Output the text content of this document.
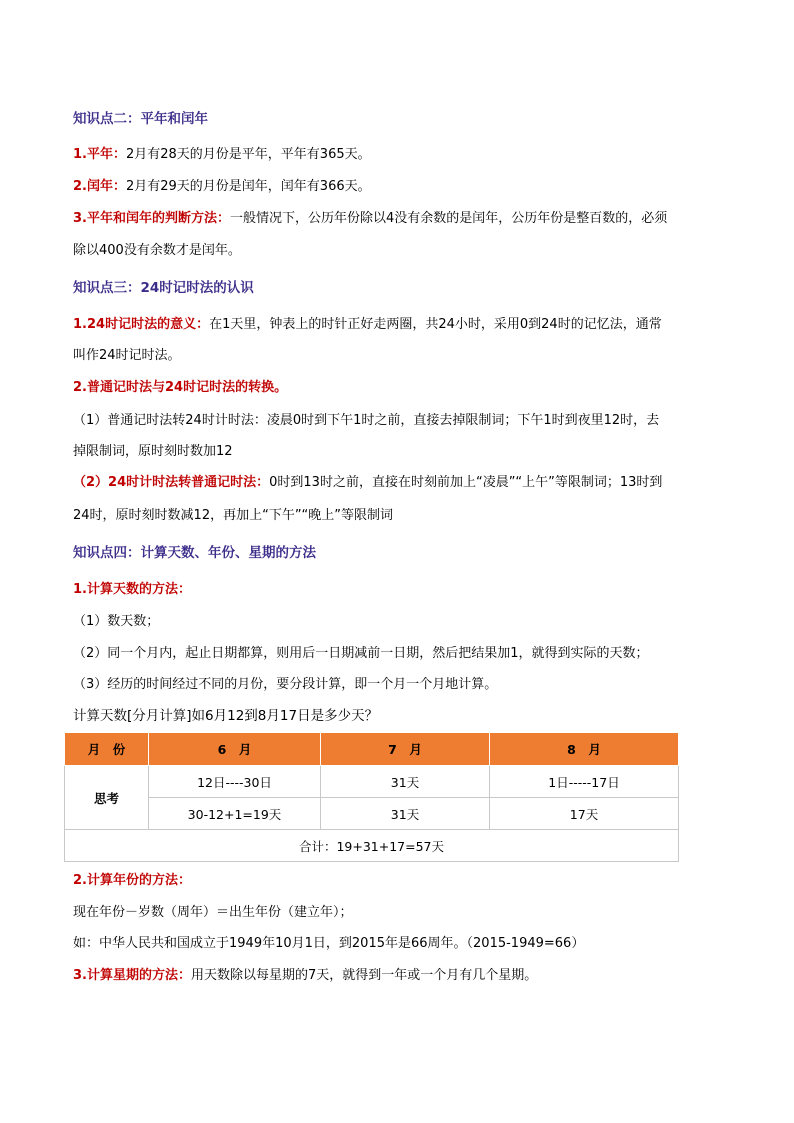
知识点二：平年和闰年
1.平年：2月有28天的月份是平年，平年有365天。
2.闰年：2月有29天的月份是闰年，闰年有366天。
3.平年和闰年的判断方法：一般情况下，公历年份除以4没有余数的是闰年，公历年份是整百数的，必须
除以400没有余数才是闰年。
知识点三：24时记时法的认识
1.24时记时法的意义：在1天里，钟表上的时针正好走两圈，共24小时，采用0到24时的记忆法，通常
叫作24时记时法。
2.普通记时法与24时记时法的转换。
（1）普通记时法转24时计时法：凌晨0时到下午1时之前，直接去掉限制词；下午1时到夜里12时，去
掉限制词，原时刻时数加12
（2）24时计时法转普通记时法：0时到13时之前，直接在时刻前加上“凌晨”“上午”等限制词；13时到
24时，原时刻时数减12，再加上“下午”“晚上”等限制词
知识点四：计算天数、年份、星期的方法
1.计算天数的方法：
（1）数天数；
（2）同一个月内，起止日期都算，则用后一日期减前一日期，然后把结果加1，就得到实际的天数；
（3）经历的时间经过不同的月份，要分段计算，即一个月一个月地计算。
计算天数[分月计算]如6月12到8月17日是多少天？
月　份	6　月	7　月	8　月
思考	12日----30日	31天	1日-----17日
	30-12+1=19天	31天	17天
合计：19+31+17=57天			
2.计算年份的方法：
现在年份－岁数（周年）＝出生年份（建立年）；
如：中华人民共和国成立于1949年10月1日，到2015年是66周年。（2015-1949=66）
3.计算星期的方法：用天数除以每星期的7天，就得到一年或一个月有几个星期。
